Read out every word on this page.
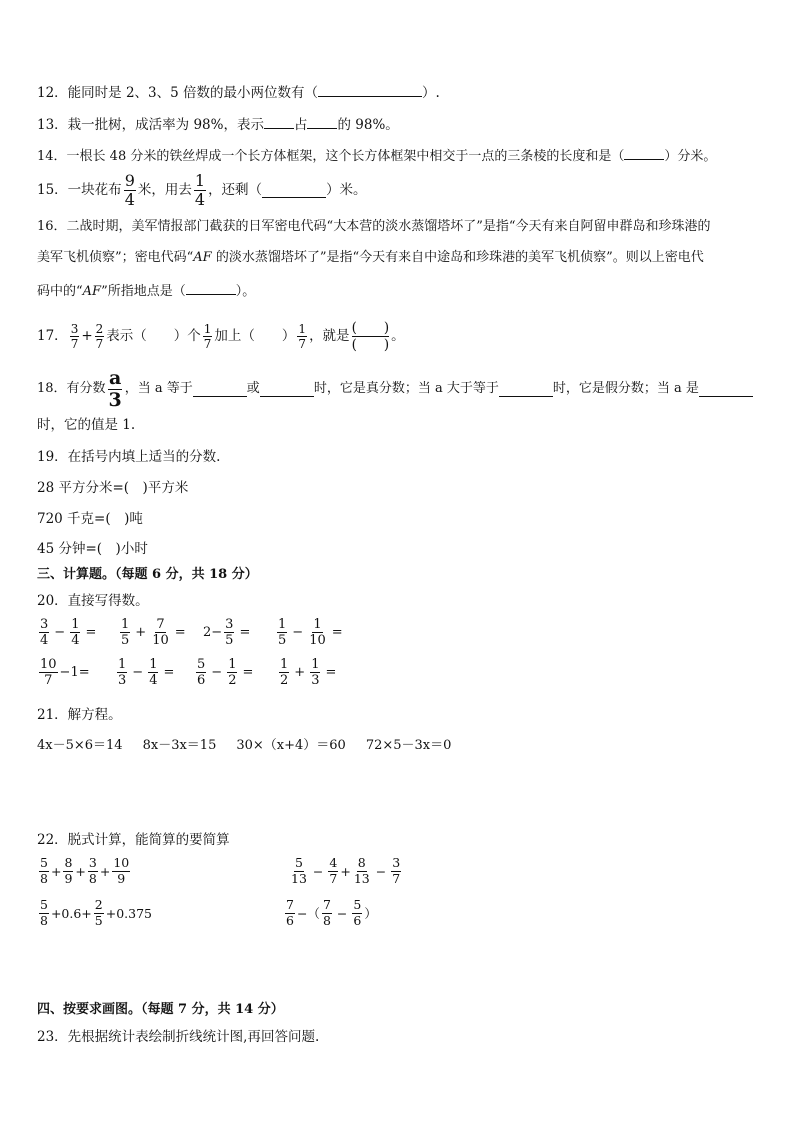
12．能同时是 2、3、5 倍数的最小两位数有（	）.
13．栽一批树，成活率为 98%，表示 占 的 98%。
14．一根长 48 分米的铁丝焊成一个长方体框架，这个长方体框架中相交于一点的三条棱的长度和是（	）分米。
15．一块花布 $\frac{9}{4}$ 米，用去 $\frac{1}{4}$ ，还剩（	）米。
16．二战时期，美军情报部门截获的日军密电代码“大本营的淡水蒸馏塔坏了”是指“今天有来自阿留申群岛和珍珠港的
美军飞机侦察”；密电代码“AF 的淡水蒸馏塔坏了”是指“今天有来自中途岛和珍珠港的美军飞机侦察”。则以上密电代
码中的“AF”所指地点是（	）。
17． $\frac{3}{7} + \frac{2}{7}$ 表示（　　）个 $\frac{1}{7}$ 加上（　　） $\frac{1}{7}$ ，就是 $\frac{( )}{( )}$ 。
18．有分数 $\frac{a}{3}$ ，当 a 等于	或	时，它是真分数；当 a 大于等于	时，它是假分数；当 a 是
时，它的值是 1.
19．在括号内填上适当的分数.
28 平方分米=(　)平方米
720 千克=(　)吨
45 分钟=(　)小时
三、计算题。（每题 6 分，共 18 分）
20．直接写得数。
$\frac{3}{4} - \frac{1}{4} = \frac{1}{5} + \frac{7}{10} = 2- \frac{3}{5} = \frac{1}{5} - \frac{1}{10}$ =
$\frac{10}{7} -1= \frac{1}{3} - \frac{1}{4} = \frac{5}{6} - \frac{1}{2} = \frac{1}{2} + \frac{1}{3}$ =
21．解方程。
4x－5×6＝14 8x－3x＝15 30×（x+4）＝60 72×5－3x＝0
22．脱式计算，能简算的要简算
$\frac{5}{8} + \frac{8}{9} + \frac{3}{8} + \frac{10}{9}$	$\frac{5}{13} - \frac{4}{7} + \frac{8}{13} - \frac{3}{7}$
$\frac{5}{8} +0.6+ \frac{2}{5} +0.375$	$\frac{7}{6}$ −（ $\frac{7}{8} - \frac{5}{6}$ ）
四、按要求画图。（每题 7 分，共 14 分）
23．先根据统计表绘制折线统计图,再回答问题.
